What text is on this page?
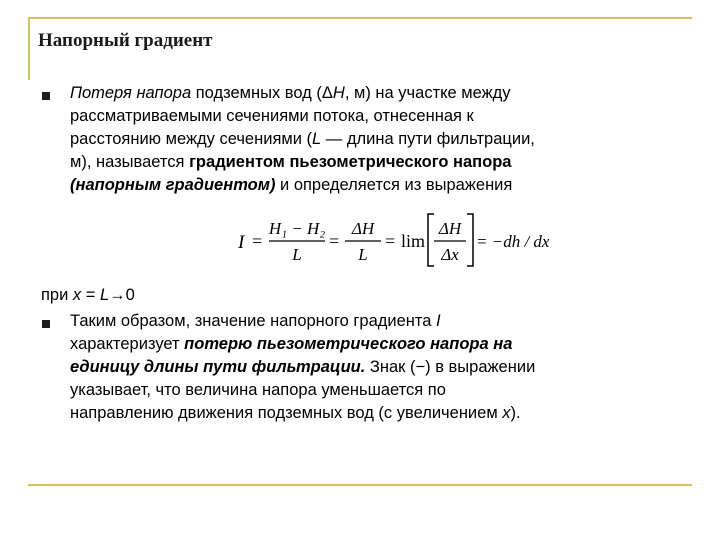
Напорный градиент

Потеря напора подземных вод (ΔH, м) на участке между

рассматриваемыми сечениями потока, отнесенная к

расстоянию между сечениями (L — длина пути фильтрации,

м), называется градиентом пьезометрического напора

(напорным градиентом) и определяется из выражения

I =
H₁ − H₂
L
=
ΔH
L
= lim
ΔH
Δx
= −dh / dx
при x = L→0

Таким образом, значение напорного градиента I

характеризует потерю пьезометрического напора на

единицу длины пути фильтрации. Знак (−) в выражении

указывает, что величина напора уменьшается по

направлению движения подземных вод (с увеличением x).
